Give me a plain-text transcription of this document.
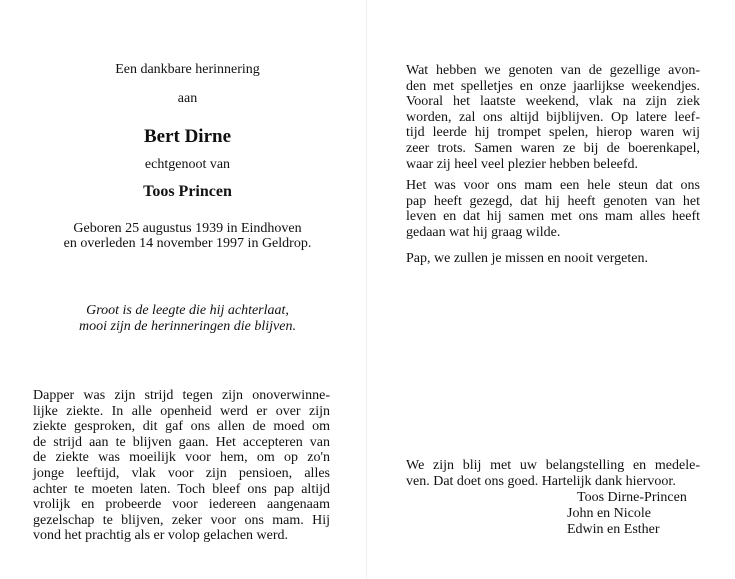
Een dankbare herinnering
aan
Bert Dirne
echtgenoot van
Toos Princen
Geboren 25 augustus 1939 in Eindhoven
en overleden 14 november 1997 in Geldrop.
Groot is de leegte die hij achterlaat,
mooi zijn de herinneringen die blijven.
Dapper was zijn strijd tegen zijn onoverwinne-
lijke ziekte. In alle openheid werd er over zijn
ziekte gesproken, dit gaf ons allen de moed om
de strijd aan te blijven gaan. Het accepteren van
de ziekte was moeilijk voor hem, om op zo'n
jonge leeftijd, vlak voor zijn pensioen, alles
achter te moeten laten. Toch bleef ons pap altijd
vrolijk en probeerde voor iedereen aangenaam
gezelschap te blijven, zeker voor ons mam. Hij
vond het prachtig als er volop gelachen werd.
Wat hebben we genoten van de gezellige avon-
den met spelletjes en onze jaarlijkse weekendjes.
Vooral het laatste weekend, vlak na zijn ziek
worden, zal ons altijd bijblijven. Op latere leef-
tijd leerde hij trompet spelen, hierop waren wij
zeer trots. Samen waren ze bij de boerenkapel,
waar zij heel veel plezier hebben beleefd.
Het was voor ons mam een hele steun dat ons
pap heeft gezegd, dat hij heeft genoten van het
leven en dat hij samen met ons mam alles heeft
gedaan wat hij graag wilde.
Pap, we zullen je missen en nooit vergeten.
We zijn blij met uw belangstelling en medele-
ven. Dat doet ons goed. Hartelijk dank hiervoor.
Toos Dirne-Princen
John en Nicole
Edwin en Esther
